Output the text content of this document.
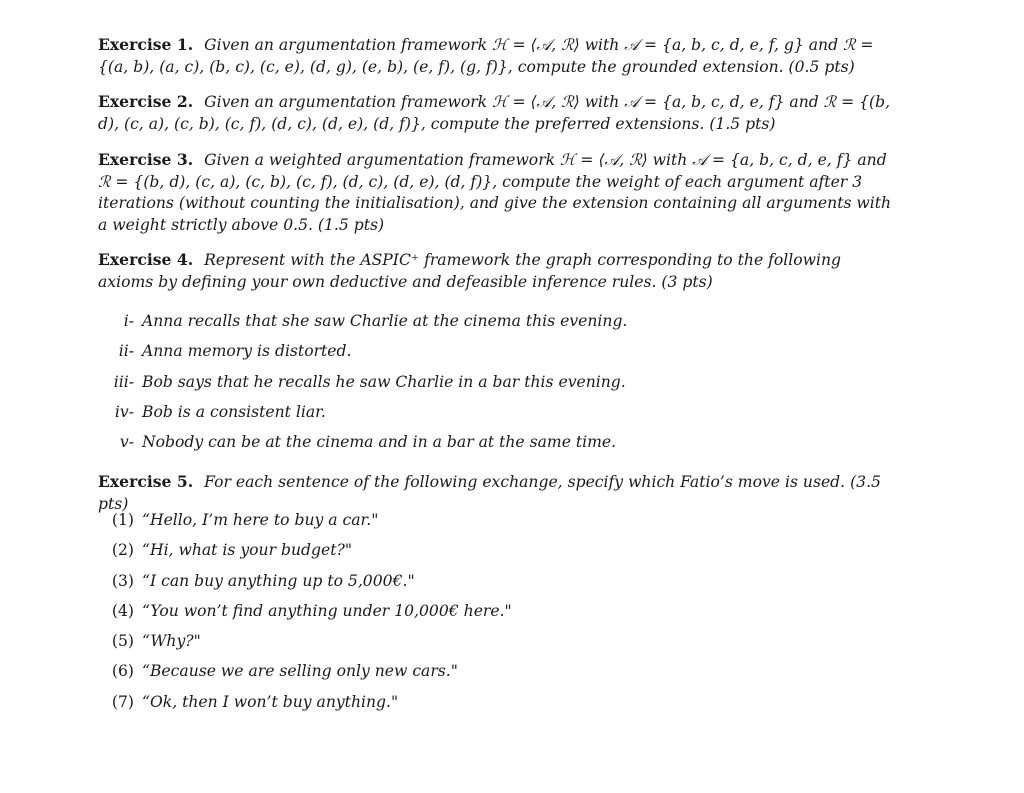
Exercise 1. Given an argumentation framework ℋ = ⟨𝒜, ℛ⟩ with 𝒜 = {a, b, c, d, e, f, g} and ℛ = {(a, b), (a, c), (b, c), (c, e), (d, g), (e, b), (e, f), (g, f)}, compute the grounded extension. (0.5 pts)
Exercise 2. Given an argumentation framework ℋ = ⟨𝒜, ℛ⟩ with 𝒜 = {a, b, c, d, e, f} and ℛ = {(b, d), (c, a), (c, b), (c, f), (d, c), (d, e), (d, f)}, compute the preferred extensions. (1.5 pts)
Exercise 3. Given a weighted argumentation framework ℋ = ⟨𝒜, ℛ⟩ with 𝒜 = {a, b, c, d, e, f} and ℛ = {(b, d), (c, a), (c, b), (c, f), (d, c), (d, e), (d, f)}, compute the weight of each argument after 3 iterations (without counting the initialisation), and give the extension containing all arguments with a weight strictly above 0.5. (1.5 pts)
Exercise 4. Represent with the ASPIC⁺ framework the graph corresponding to the following axioms by defining your own deductive and defeasible inference rules. (3 pts)
i- Anna recalls that she saw Charlie at the cinema this evening.
ii- Anna memory is distorted.
iii- Bob says that he recalls he saw Charlie in a bar this evening.
iv- Bob is a consistent liar.
v- Nobody can be at the cinema and in a bar at the same time.
Exercise 5. For each sentence of the following exchange, specify which Fatio’s move is used. (3.5 pts)
(1) “Hello, I’m here to buy a car."
(2) “Hi, what is your budget?"
(3) “I can buy anything up to 5,000€."
(4) “You won’t find anything under 10,000€ here."
(5) “Why?"
(6) “Because we are selling only new cars."
(7) “Ok, then I won’t buy anything."
